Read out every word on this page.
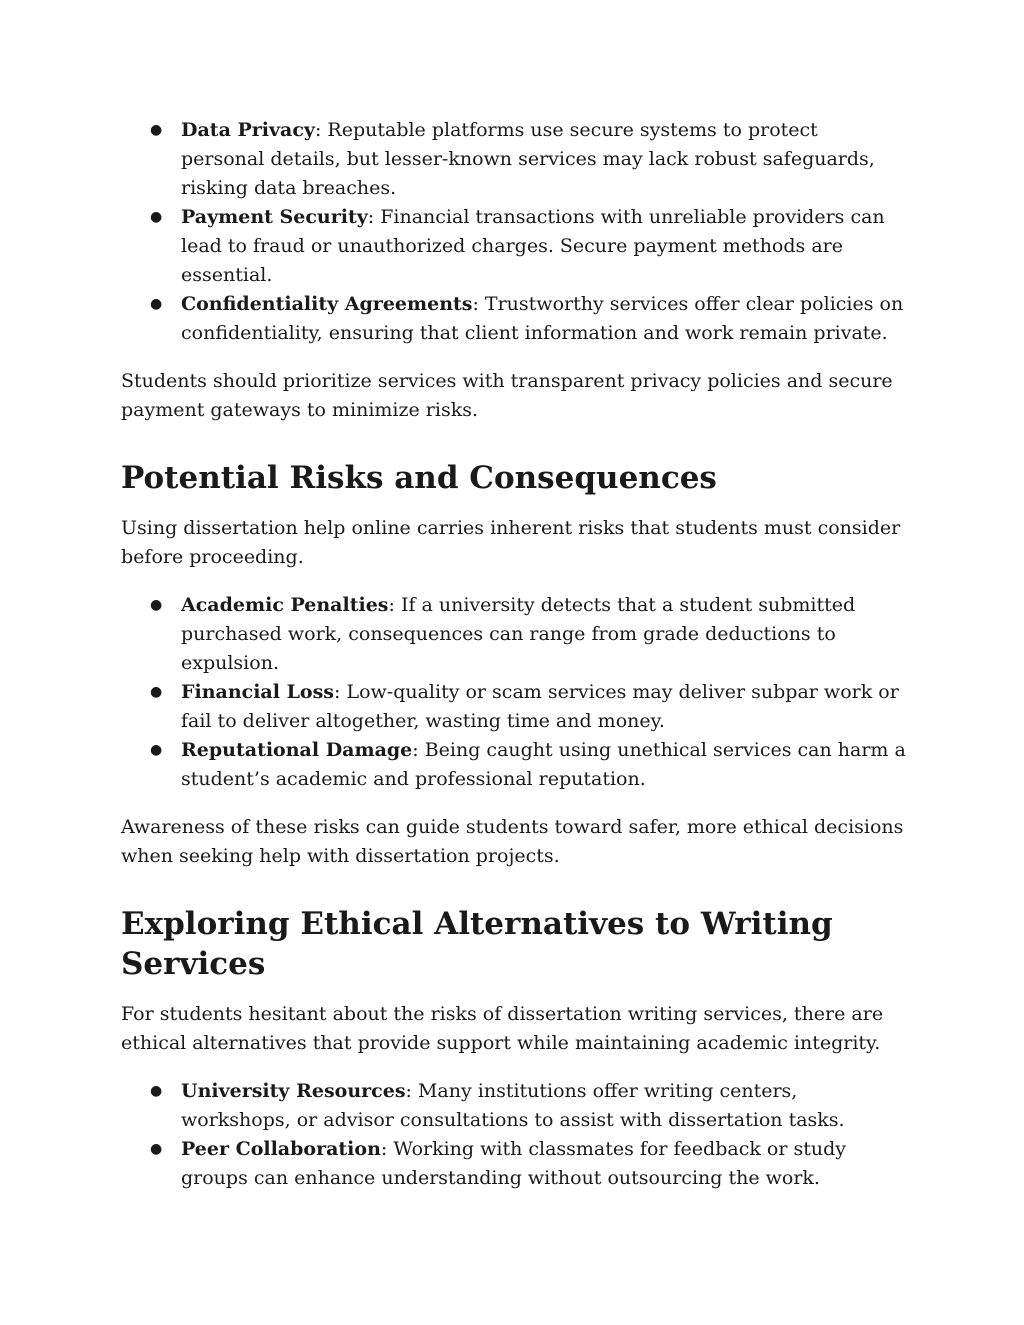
● Data Privacy: Reputable platforms use secure systems to protect personal details, but lesser-known services may lack robust safeguards, risking data breaches.
● Payment Security: Financial transactions with unreliable providers can lead to fraud or unauthorized charges. Secure payment methods are essential.
● Confidentiality Agreements: Trustworthy services offer clear policies on confidentiality, ensuring that client information and work remain private.

Students should prioritize services with transparent privacy policies and secure payment gateways to minimize risks.

Potential Risks and Consequences

Using dissertation help online carries inherent risks that students must consider before proceeding.

● Academic Penalties: If a university detects that a student submitted purchased work, consequences can range from grade deductions to expulsion.
● Financial Loss: Low-quality or scam services may deliver subpar work or fail to deliver altogether, wasting time and money.
● Reputational Damage: Being caught using unethical services can harm a student’s academic and professional reputation.

Awareness of these risks can guide students toward safer, more ethical decisions when seeking help with dissertation projects.

Exploring Ethical Alternatives to Writing Services

For students hesitant about the risks of dissertation writing services, there are ethical alternatives that provide support while maintaining academic integrity.

● University Resources: Many institutions offer writing centers, workshops, or advisor consultations to assist with dissertation tasks.
● Peer Collaboration: Working with classmates for feedback or study groups can enhance understanding without outsourcing the work.
